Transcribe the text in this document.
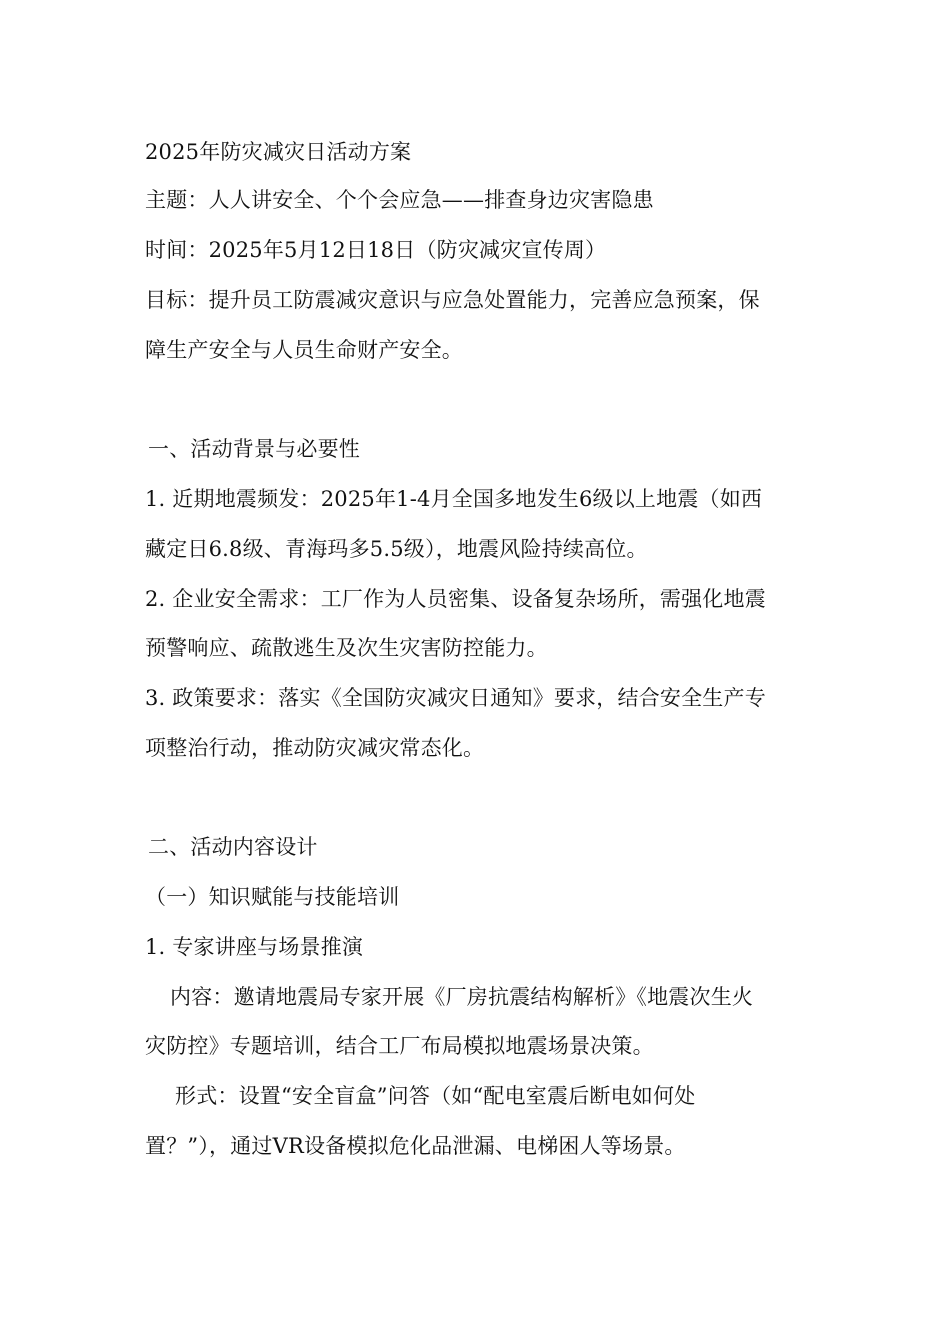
2025年防灾减灾日活动方案
主题：人人讲安全、个个会应急——排查身边灾害隐患
时间：2025年5月12日18日（防灾减灾宣传周）
目标：提升员工防震减灾意识与应急处置能力，完善应急预案，保
障生产安全与人员生命财产安全。
一、活动背景与必要性
1. 近期地震频发：2025年1-4月全国多地发生6级以上地震（如西
藏定日6.8级、青海玛多5.5级），地震风险持续高位。
2. 企业安全需求：工厂作为人员密集、设备复杂场所，需强化地震
预警响应、疏散逃生及次生灾害防控能力。
3. 政策要求：落实《全国防灾减灾日通知》要求，结合安全生产专
项整治行动，推动防灾减灾常态化。
二、活动内容设计
（一）知识赋能与技能培训
1. 专家讲座与场景推演
内容：邀请地震局专家开展《厂房抗震结构解析》《地震次生火
灾防控》专题培训，结合工厂布局模拟地震场景决策。
形式：设置“安全盲盒”问答（如“配电室震后断电如何处
置？”），通过VR设备模拟危化品泄漏、电梯困人等场景。
